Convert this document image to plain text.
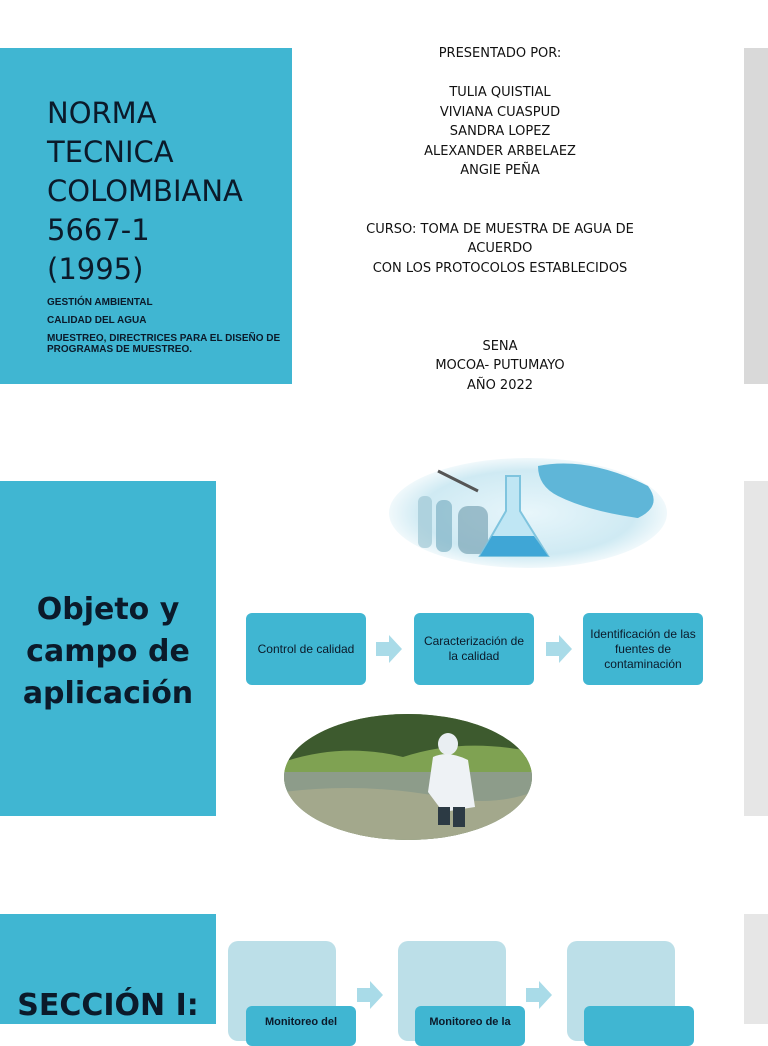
NORMA
TECNICA
COLOMBIANA
5667-1
(1995)
GESTIÓN AMBIENTAL
CALIDAD DEL AGUA
MUESTREO, DIRECTRICES PARA EL DISEÑO DE PROGRAMAS DE MUESTREO.
PRESENTADO POR:
TULIA QUISTIAL
VIVIANA CUASPUD
SANDRA LOPEZ
ALEXANDER ARBELAEZ
ANGIE PEÑA
CURSO: TOMA DE MUESTRA DE AGUA DE ACUERDO
CON LOS PROTOCOLOS ESTABLECIDOS
SENA
MOCOA- PUTUMAYO
AÑO 2022
Objeto y campo de aplicación
Control de calidad
Caracterización de la calidad
Identificación de las fuentes de contaminación
SECCIÓN I:	Monitoreo del	Monitoreo de la
